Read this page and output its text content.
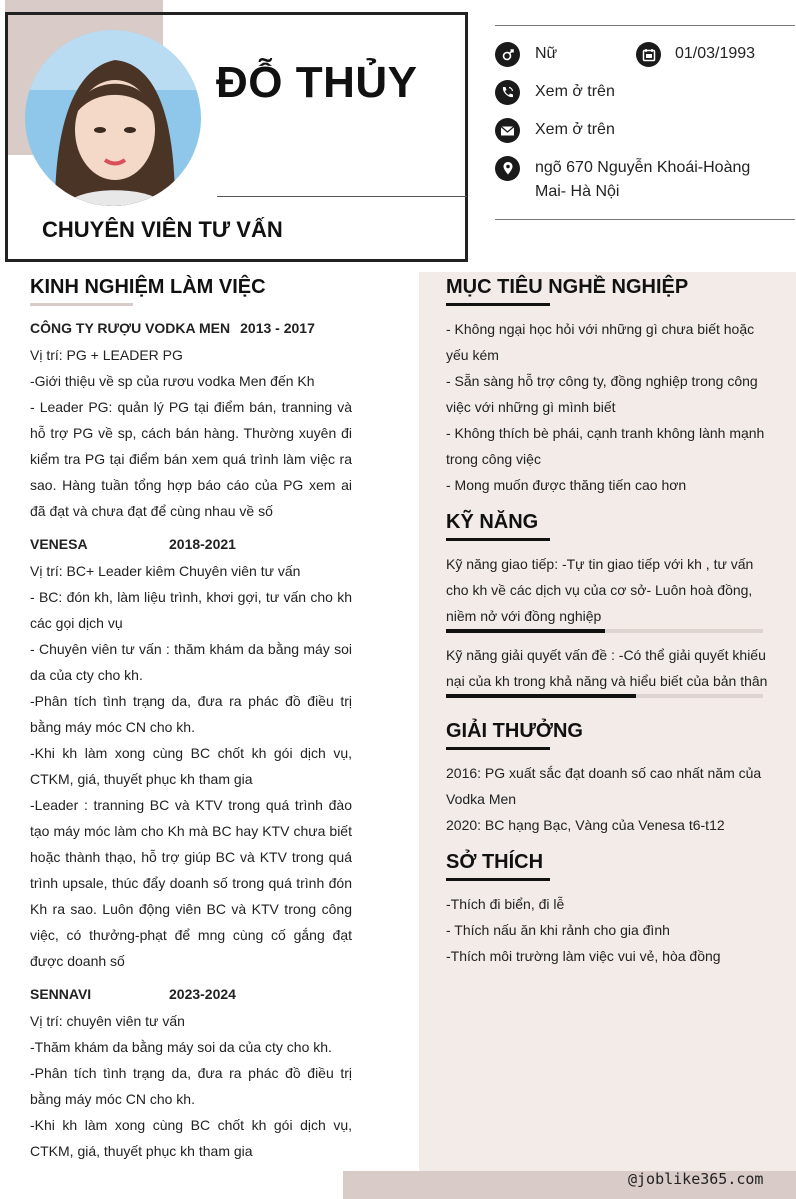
ĐỖ THỦY
CHUYÊN VIÊN TƯ VẤN
Nữ	01/03/1993
Xem ở trên
Xem ở trên
ngõ 670 Nguyễn Khoái-Hoàng
Mai- Hà Nội
KINH NGHIỆM LÀM VIỆC
CÔNG TY RƯỢU VODKA MEN 2013 - 2017

Vị trí: PG + LEADER PG

-Giới thiệu về sp của rươu vodka Men đến Kh

- Leader PG: quản lý PG tại điểm bán, tranning và hỗ trợ PG về sp, cách bán hàng. Thường xuyên đi kiểm tra PG tại điểm bán xem quá trình làm việc ra sao. Hàng tuần tổng hợp báo cáo của PG xem ai đã đạt và chưa đạt để cùng nhau về số

VENESA	2018-2021

Vị trí: BC+ Leader kiêm Chuyên viên tư vấn

- BC: đón kh, làm liệu trình, khơi gợi, tư vấn cho kh các gọi dịch vụ

- Chuyên viên tư vấn : thăm khám da bằng máy soi da của cty cho kh.

-Phân tích tình trạng da, đưa ra phác đồ điều trị bằng máy móc CN cho kh.

-Khi kh làm xong cùng BC chốt kh gói dịch vụ, CTKM, giá, thuyết phục kh tham gia

-Leader : tranning BC và KTV trong quá trình đào tạo máy móc làm cho Kh mà BC hay KTV chưa biết hoặc thành thạo, hỗ trợ giúp BC và KTV trong quá trình upsale, thúc đẩy doanh số trong quá trình đón Kh ra sao. Luôn động viên BC và KTV trong công việc, có thưởng-phạt để mng cùng cố gắng đạt được doanh số

SENNAVI	2023-2024

Vị trí: chuyên viên tư vấn

-Thăm khám da bằng máy soi da của cty cho kh.

-Phân tích tình trạng da, đưa ra phác đồ điều trị bằng máy móc CN cho kh.

-Khi kh làm xong cùng BC chốt kh gói dịch vụ, CTKM, giá, thuyết phục kh tham gia

MỤC TIÊU NGHỀ NGHIỆP

- Không ngại học hỏi với những gì chưa biết hoặc yếu kém

- Sẵn sàng hỗ trợ công ty, đồng nghiệp trong công việc với những gì mình biết

- Không thích bè phái, cạnh tranh không lành mạnh trong công việc

- Mong muốn được thăng tiến cao hơn

KỸ NĂNG
Kỹ năng giao tiếp: -Tự tin giao tiếp với kh , tư vấn cho kh về các dịch vụ của cơ sở- Luôn hoà đồng, niềm nở với đồng nghiệp
Kỹ năng giải quyết vấn đề : -Có thể giải quyết khiếu nại của kh trong khả năng và hiểu biết của bản thân
GIẢI THƯỞNG

2016: PG xuất sắc đạt doanh số cao nhất năm của Vodka Men

2020: BC hạng Bạc, Vàng của Venesa t6-t12

SỞ THÍCH

-Thích đi biển, đi lễ

- Thích nấu ăn khi rảnh cho gia đình

-Thích môi trường làm việc vui vẻ, hòa đồng

@joblike365.com
